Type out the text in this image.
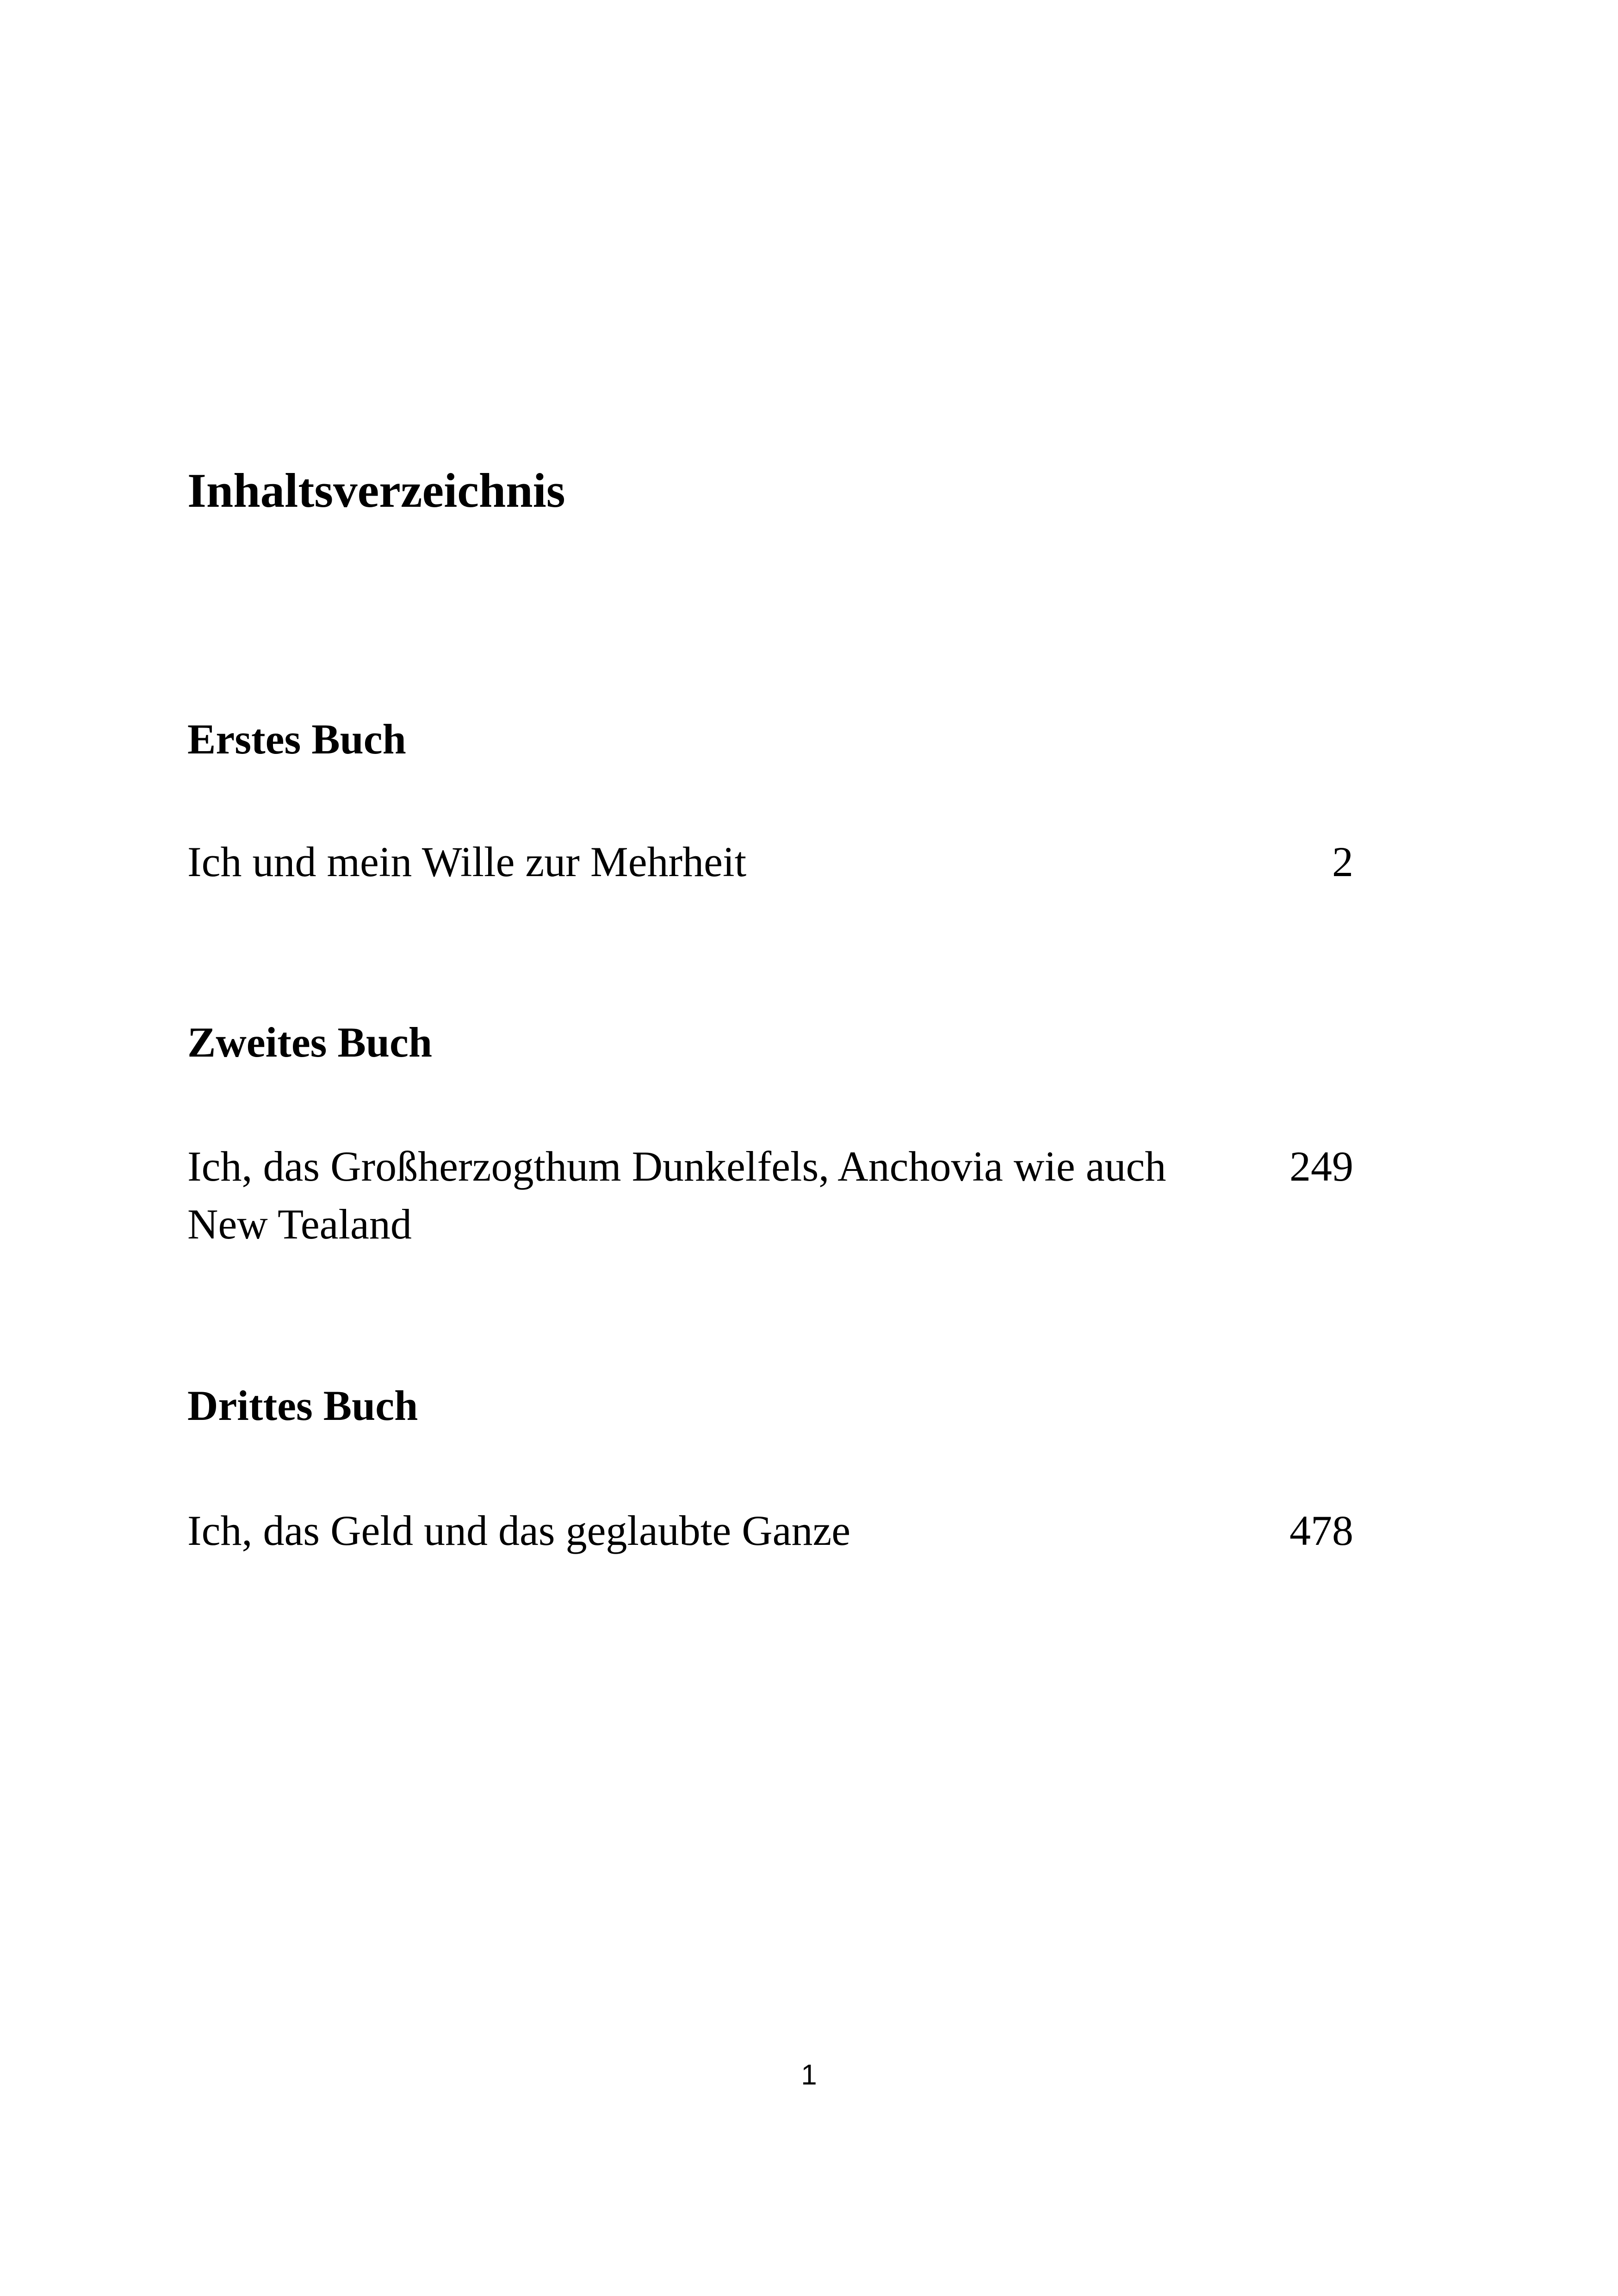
Inhaltsverzeichnis
Erstes Buch
Ich und mein Wille zur Mehrheit	2
Zweites Buch
Ich, das Großherzogthum Dunkelfels, Anchovia wie auch New Tealand
249
Drittes Buch
Ich, das Geld und das geglaubte Ganze	478
1
